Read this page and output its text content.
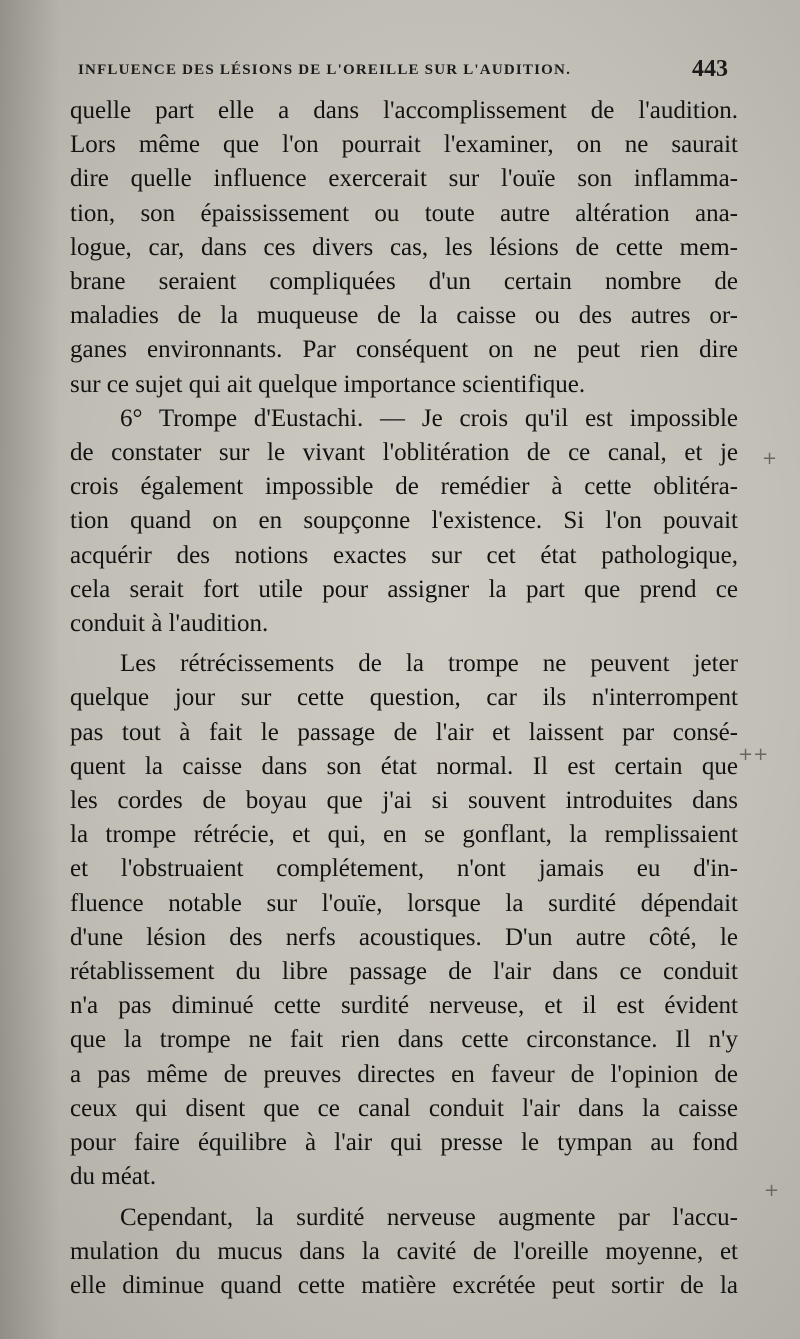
INFLUENCE DES LÉSIONS DE L'OREILLE SUR L'AUDITION.	443
quelle part elle a dans l'accomplissement de l'audition.
Lors même que l'on pourrait l'examiner, on ne saurait
dire quelle influence exercerait sur l'ouïe son inflamma-
tion, son épaississement ou toute autre altération ana-
logue, car, dans ces divers cas, les lésions de cette mem-
brane seraient compliquées d'un certain nombre de
maladies de la muqueuse de la caisse ou des autres or-
ganes environnants. Par conséquent on ne peut rien dire
sur ce sujet qui ait quelque importance scientifique.
6° Trompe d'Eustachi. — Je crois qu'il est impossible
de constater sur le vivant l'oblitération de ce canal, et je
crois également impossible de remédier à cette oblitéra-
tion quand on en soupçonne l'existence. Si l'on pouvait
acquérir des notions exactes sur cet état pathologique,
cela serait fort utile pour assigner la part que prend ce
conduit à l'audition.
Les rétrécissements de la trompe ne peuvent jeter
quelque jour sur cette question, car ils n'interrompent
pas tout à fait le passage de l'air et laissent par consé-
quent la caisse dans son état normal. Il est certain que
les cordes de boyau que j'ai si souvent introduites dans
la trompe rétrécie, et qui, en se gonflant, la remplissaient
et l'obstruaient complétement, n'ont jamais eu d'in-
fluence notable sur l'ouïe, lorsque la surdité dépendait
d'une lésion des nerfs acoustiques. D'un autre côté, le
rétablissement du libre passage de l'air dans ce conduit
n'a pas diminué cette surdité nerveuse, et il est évident
que la trompe ne fait rien dans cette circonstance. Il n'y
a pas même de preuves directes en faveur de l'opinion de
ceux qui disent que ce canal conduit l'air dans la caisse
pour faire équilibre à l'air qui presse le tympan au fond
du méat.
Cependant, la surdité nerveuse augmente par l'accu-
mulation du mucus dans la cavité de l'oreille moyenne, et
elle diminue quand cette matière excrétée peut sortir de la
+
++
+
